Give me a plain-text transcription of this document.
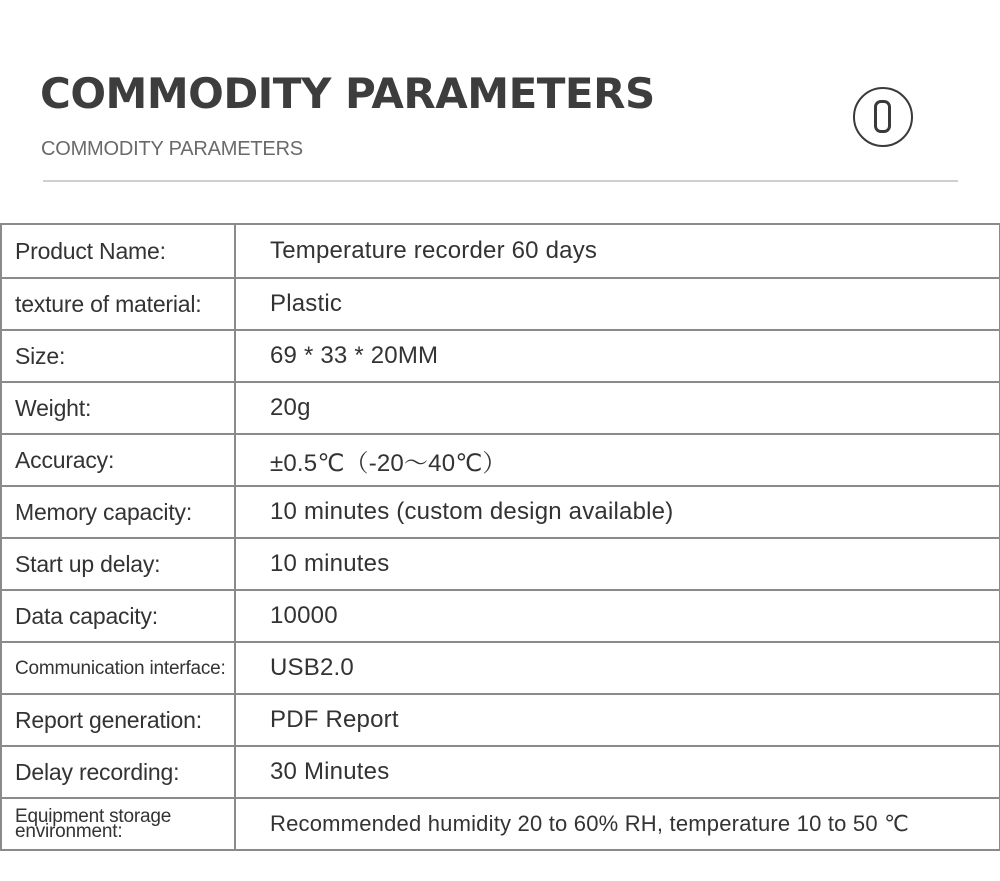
COMMODITY PARAMETERS

COMMODITY PARAMETERS

Product Name:	Temperature recorder 60 days
texture of material:	Plastic
Size:	69 * 33 * 20MM
Weight:	20g
Accuracy:	±0.5℃（-20～40℃）
Memory capacity:	10 minutes (custom design available)
Start up delay:	10 minutes
Data capacity:	10000
Communication interface:	USB2.0
Report generation:	PDF Report
Delay recording:	30 Minutes
Equipment storage environment:	Recommended humidity 20 to 60% RH, temperature 10 to 50 ℃
